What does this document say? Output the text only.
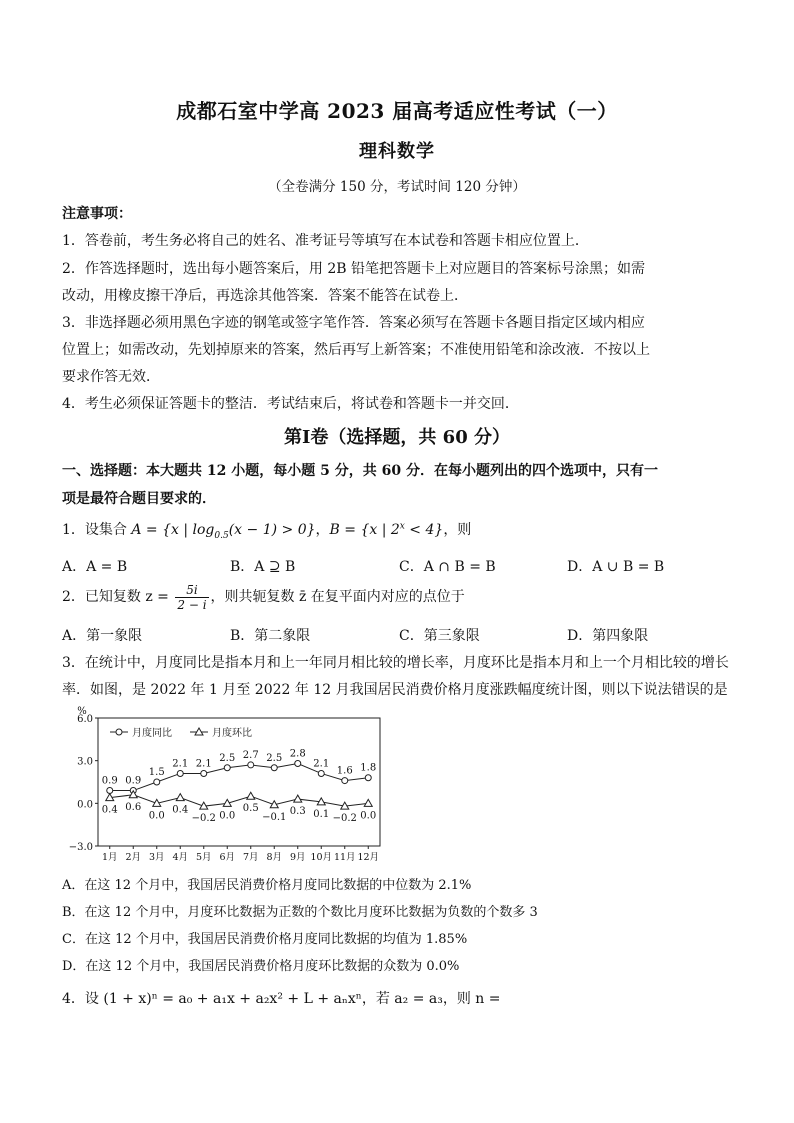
成都石室中学高 2023 届高考适应性考试（一）
理科数学
（全卷满分 150 分，考试时间 120 分钟）
注意事项：
1．答卷前，考生务必将自己的姓名、准考证号等填写在本试卷和答题卡相应位置上．
2．作答选择题时，选出每小题答案后，用 2B 铅笔把答题卡上对应题目的答案标号涂黑；如需
改动，用橡皮擦干净后，再选涂其他答案．答案不能答在试卷上．
3．非选择题必须用黑色字迹的钢笔或签字笔作答．答案必须写在答题卡各题目指定区域内相应
位置上；如需改动，先划掉原来的答案，然后再写上新答案；不准使用铅笔和涂改液．不按以上
要求作答无效．
4．考生必须保证答题卡的整洁．考试结束后，将试卷和答题卡一并交回．
第Ⅰ卷（选择题，共 60 分）
一、选择题：本大题共 12 小题，每小题 5 分，共 60 分．在每小题列出的四个选项中，只有一
项是最符合题目要求的．
1．设集合 A = {x | $\log_{0.5}(x - 1) > 0$}，B = {x | $2^x < 4$}，则
A．A = B	B．A ⊇ B	C．A ∩ B = B	D．A ∪ B = B
2．已知复数 $z = \frac{5i}{2 - i}$ ，则共轭复数 z̄ 在复平面内对应的点位于
A．第一象限	B．第二象限	C．第三象限	D．第四象限
3．在统计中，月度同比是指本月和上一年同月相比较的增长率，月度环比是指本月和上一个月相比较的增长
率．如图，是 2022 年 1 月至 2022 年 12 月我国居民消费价格月度涨跌幅度统计图，则以下说法错误的是
6.0
3.0
0.0
−3.0
%
1月 2月 3月 4月 5月 6月 7月 8月 9月 10月 11月 12月
月度同比	月度环比
0.9 0.9
1.5
2.1 2.1
2.5 2.7 2.5 2.8
2.1
1.6 1.8
0.4 0.6
0.0
0.4
−0.2 0.0
0.5
−0.1
0.3 0.1 −0.2 0.0
A．在这 12 个月中，我国居民消费价格月度同比数据的中位数为 2.1%
B．在这 12 个月中，月度环比数据为正数的个数比月度环比数据为负数的个数多 3
C．在这 12 个月中，我国居民消费价格月度同比数据的均值为 1.85%
D．在这 12 个月中，我国居民消费价格月度环比数据的众数为 0.0%
4．设 (1 + x)ⁿ = a₀ + a₁x + a₂x² + L + aₙxⁿ，若 a₂ = a₃，则 n =
